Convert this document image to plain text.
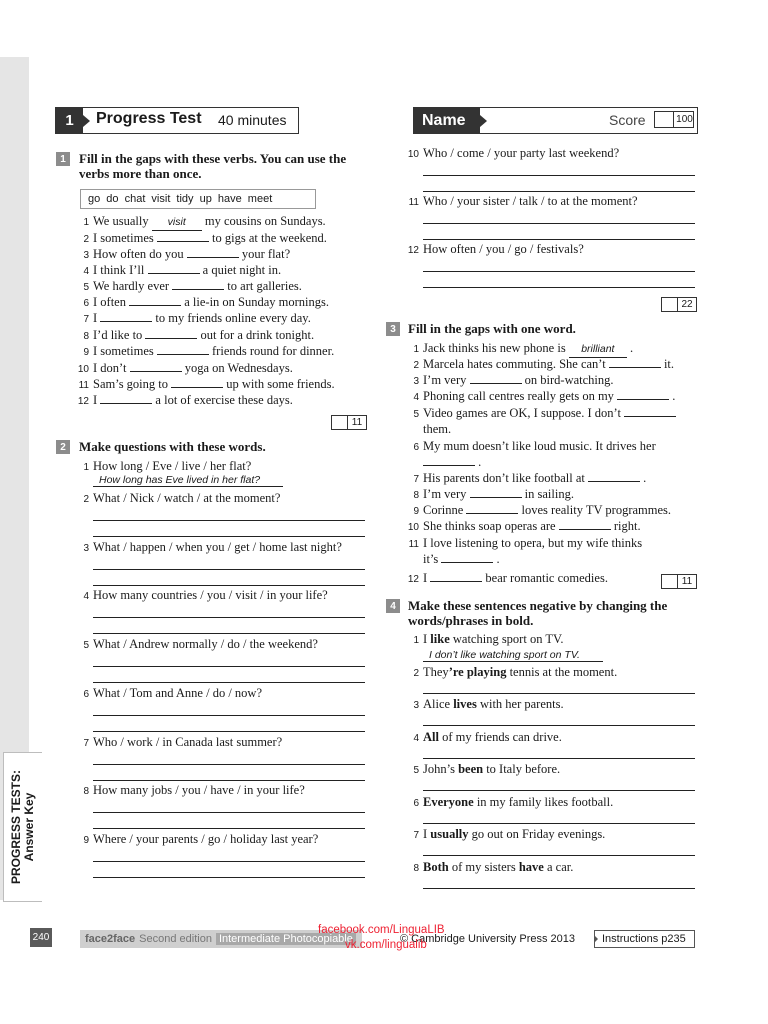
PROGRESS TESTS: Answer Key
1	Progress Test 40 minutes	Name	Score	100
1	Fill in the gaps with these verbs. You can use the verbs more than once.
go do chat visit tidy up have meet
1 We usually visit my cousins on Sundays.
2 I sometimes	to gigs at the weekend.
3 How often do you	your flat?
4 I think I’ll	a quiet night in.
5 We hardly ever	to art galleries.
6 I often	a lie-in on Sunday mornings.
7 I	to my friends online every day.
8 I’d like to	out for a drink tonight.
9 I sometimes	friends round for dinner.
10 I don’t	yoga on Wednesdays.
11 Sam’s going to	up with some friends.
12 I	a lot of exercise these days.
11
2	Make questions with these words.
1 How long / Eve / live / her flat?
How long has Eve lived in her flat?
2 What / Nick / watch / at the moment?
3 What / happen / when you / get / home last night?
4 How many countries / you / visit / in your life?
5 What / Andrew normally / do / the weekend?
6 What / Tom and Anne / do / now?
7 Who / work / in Canada last summer?
8 How many jobs / you / have / in your life?
9 Where / your parents / go / holiday last year?
10 Who / come / your party last weekend?
11 Who / your sister / talk / to at the moment?
12 How often / you / go / festivals?
22
3 Fill in the gaps with one word.
1 Jack thinks his new phone is brilliant .
2 Marcela hates commuting. She can’t	it.
3 I’m very	on bird-watching.
4 Phoning call centres really gets on my	.
5 Video games are OK, I suppose. I don’t
them.
6 My mum doesn’t like loud music. It drives her
.
7 His parents don’t like football at	.
8 I’m very	in sailing.
9 Corinne	loves reality TV programmes.
10 She thinks soap operas are	right.
11 I love listening to opera, but my wife thinks
it’s	.
12 I	bear romantic comedies.	11
4 Make these sentences negative by changing the words/phrases in bold.
1 I like watching sport on TV.
I don’t like watching sport on TV.
2 They’re playing tennis at the moment.
3 Alice lives with her parents.
4 All of my friends can drive.
5 John’s been to Italy before.
6 Everyone in my family likes football.
7 I usually go out on Friday evenings.
8 Both of my sisters have a car.
240	face2face Second edition Intermediate Photocopiable	© Cambridge University Press 2013 Instructions p235
facebook.com/LinguaLIB
vk.com/lingualib
